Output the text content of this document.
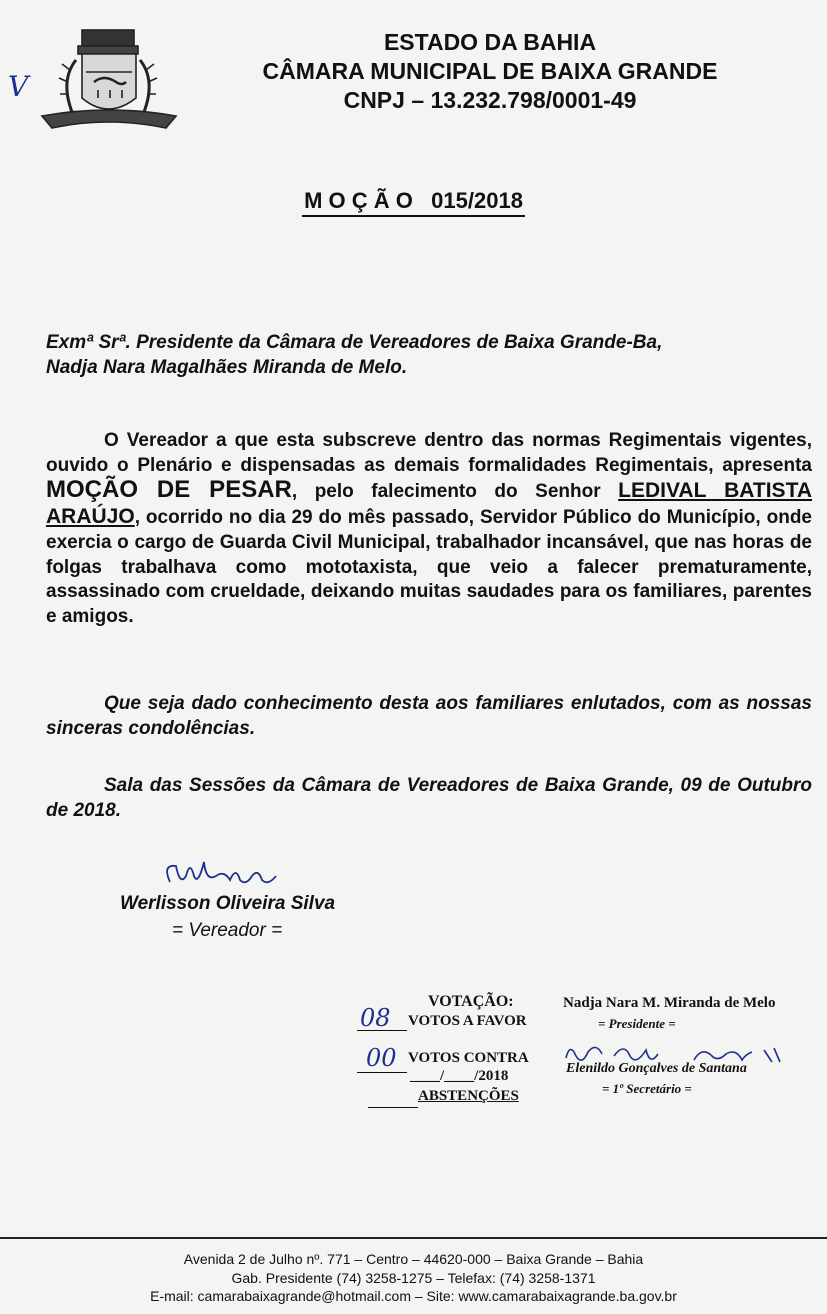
V
ESTADO DA BAHIA
CÂMARA MUNICIPAL DE BAIXA GRANDE
CNPJ – 13.232.798/0001-49
M O Ç Ã O   015/2018
Exmª Srª. Presidente da Câmara de Vereadores de Baixa Grande-Ba,
Nadja Nara Magalhães Miranda de Melo.
O Vereador a que esta subscreve dentro das normas Regimentais vigentes, ouvido o Plenário e dispensadas as demais formalidades Regimentais, apresenta MOÇÃO DE PESAR, pelo falecimento do Senhor LEDIVAL BATISTA ARAÚJO, ocorrido no dia 29 do mês passado, Servidor Público do Município, onde exercia o cargo de Guarda Civil Municipal, trabalhador incansável, que nas horas de folgas trabalhava como mototaxista, que veio a falecer prematuramente, assassinado com crueldade, deixando muitas saudades para os familiares, parentes e amigos.
Que seja dado conhecimento desta aos familiares enlutados, com as nossas sinceras condolências.
Sala das Sessões da Câmara de Vereadores de Baixa Grande, 09 de Outubro de 2018.
Werlisson Oliveira Silva
= Vereador =
VOTAÇÃO:
08 VOTOS A FAVOR
00 VOTOS CONTRA
____/____/2018
ABSTENÇÕES
Nadja Nara M. Miranda de Melo
= Presidente =
Elenildo Gonçalves de Santana
= 1º Secretário =
Avenida 2 de Julho nº. 771 – Centro – 44620-000 – Baixa Grande – Bahia
Gab. Presidente (74) 3258-1275 – Telefax: (74) 3258-1371
E-mail: camarabaixagrande@hotmail.com – Site: www.camarabaixagrande.ba.gov.br
